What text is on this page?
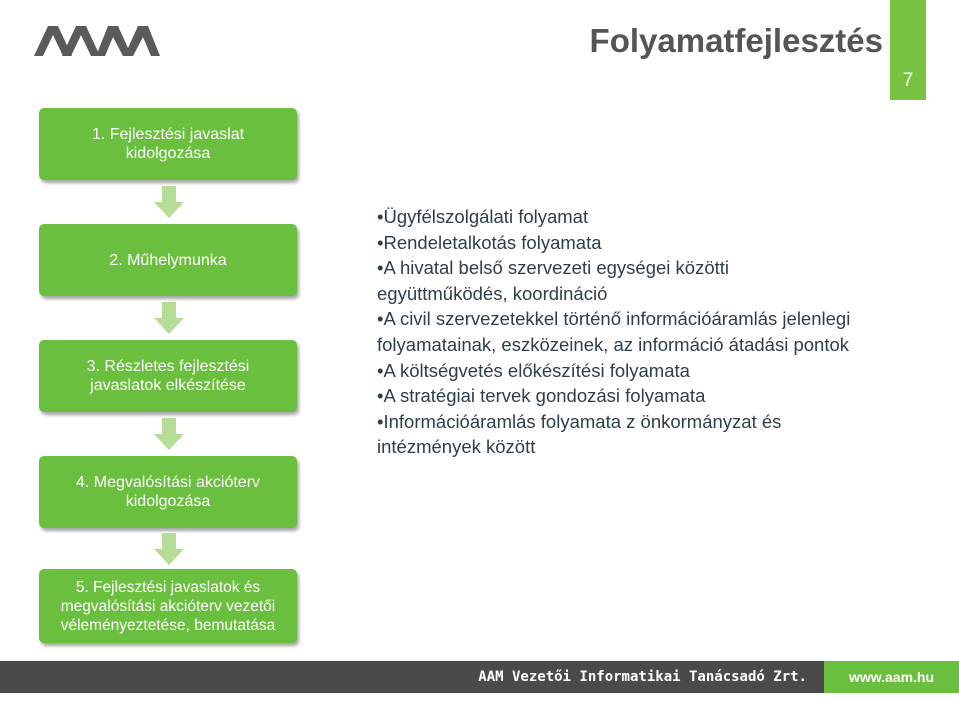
Folyamatfejlesztés
7
1. Fejlesztési javaslat
kidolgozása
2. Műhelymunka
3. Részletes fejlesztési
javaslatok elkészítése
4. Megvalósítási akcióterv
kidolgozása
5. Fejlesztési javaslatok és
megvalósítási akcióterv vezetői
véleményeztetése, bemutatása
• Ügyfélszolgálati folyamat
• Rendeletalkotás folyamata
• A hivatal belső szervezeti egységei közötti együttműködés, koordináció
• A civil szervezetekkel történő információáramlás jelenlegi folyamatainak, eszközeinek, az információ átadási pontok
• A költségvetés előkészítési folyamata
• A stratégiai tervek gondozási folyamata
• Információáramlás folyamata z önkormányzat és intézmények között
AAM Vezetői Informatikai Tanácsadó Zrt.	www.aam.hu
